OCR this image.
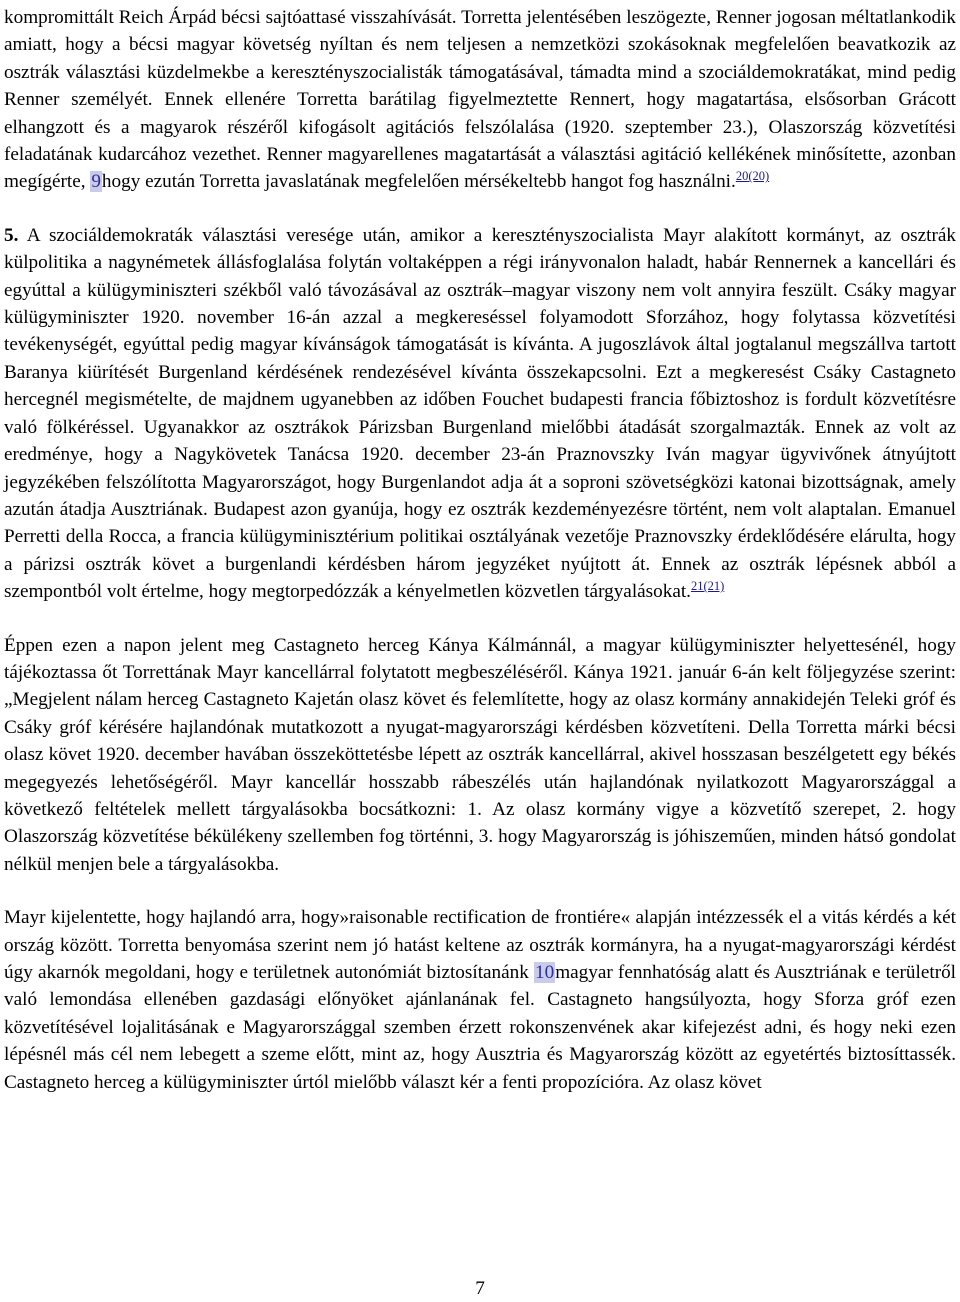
kompromittált Reich Árpád bécsi sajtóattasé visszahívását. Torretta jelentésében leszögezte, Renner jogosan méltatlankodik amiatt, hogy a bécsi magyar követség nyíltan és nem teljesen a nemzetközi szokásoknak megfelelően beavatkozik az osztrák választási küzdelmekbe a keresztényszocialisták támogatásával, támadta mind a szociáldemokratákat, mind pedig Renner személyét. Ennek ellenére Torretta barátilag figyelmeztette Rennert, hogy magatartása, elsősorban Grácott elhangzott és a magyarok részéről kifogásolt agitációs felszólalása (1920. szeptember 23.), Olaszország közvetítési feladatának kudarcához vezethet. Renner magyarellenes magatartását a választási agitáció kellékének minősítette, azonban megígérte, 9hogy ezután Torretta javaslatának megfelelően mérsékeltebb hangot fog használni.$^{20(20)}$

5. A szociáldemokraták választási veresége után, amikor a keresztényszocialista Mayr alakított kormányt, az osztrák külpolitika a nagynémetek állásfoglalása folytán voltaképpen a régi irányvonalon haladt, habár Rennernek a kancellári és egyúttal a külügyminiszteri székből való távozásával az osztrák–magyar viszony nem volt annyira feszült. Csáky magyar külügyminiszter 1920. november 16-án azzal a megkereséssel folyamodott Sforzához, hogy folytassa közvetítési tevékenységét, egyúttal pedig magyar kívánságok támogatását is kívánta. A jugoszlávok által jogtalanul megszállva tartott Baranya kiürítését Burgenland kérdésének rendezésével kívánta összekapcsolni. Ezt a megkeresést Csáky Castagneto hercegnél megismételte, de majdnem ugyanebben az időben Fouchet budapesti francia főbiztoshoz is fordult közvetítésre való fölkéréssel. Ugyanakkor az osztrákok Párizsban Burgenland mielőbbi átadását szorgalmazták. Ennek az volt az eredménye, hogy a Nagykövetek Tanácsa 1920. december 23-án Praznovszky Iván magyar ügyvivőnek átnyújtott jegyzékében felszólította Magyarországot, hogy Burgenlandot adja át a soproni szövetségközi katonai bizottságnak, amely azután átadja Ausztriának. Budapest azon gyanúja, hogy ez osztrák kezdeményezésre történt, nem volt alaptalan. Emanuel Perretti della Rocca, a francia külügyminisztérium politikai osztályának vezetője Praznovszky érdeklődésére elárulta, hogy a párizsi osztrák követ a burgenlandi kérdésben három jegyzéket nyújtott át. Ennek az osztrák lépésnek abból a szempontból volt értelme, hogy megtorpedózzák a kényelmetlen közvetlen tárgyalásokat.$^{21(21)}$

Éppen ezen a napon jelent meg Castagneto herceg Kánya Kálmánnál, a magyar külügyminiszter helyettesénél, hogy tájékoztassa őt Torrettának Mayr kancellárral folytatott megbeszéléséről. Kánya 1921. január 6-án kelt följegyzése szerint: „Megjelent nálam herceg Castagneto Kajetán olasz követ és felemlítette, hogy az olasz kormány annakidején Teleki gróf és Csáky gróf kérésére hajlandónak mutatkozott a nyugat-magyarországi kérdésben közvetíteni. Della Torretta márki bécsi olasz követ 1920. december havában összeköttetésbe lépett az osztrák kancellárral, akivel hosszasan beszélgetett egy békés megegyezés lehetőségéről. Mayr kancellár hosszabb rábeszélés után hajlandónak nyilatkozott Magyarországgal a következő feltételek mellett tárgyalásokba bocsátkozni: 1. Az olasz kormány vigye a közvetítő szerepet, 2. hogy Olaszország közvetítése békülékeny szellemben fog történni, 3. hogy Magyarország is jóhiszeműen, minden hátsó gondolat nélkül menjen bele a tárgyalásokba.

Mayr kijelentette, hogy hajlandó arra, hogy»raisonable rectification de frontiére« alapján intézzessék el a vitás kérdés a két ország között. Torretta benyomása szerint nem jó hatást keltene az osztrák kormányra, ha a nyugat-magyarországi kérdést úgy akarnók megoldani, hogy e területnek autonómiát biztosítanánk 10magyar fennhatóság alatt és Ausztriának e területről való lemondása ellenében gazdasági előnyöket ajánlanának fel. Castagneto hangsúlyozta, hogy Sforza gróf ezen közvetítésével lojalitásának e Magyarországgal szemben érzett rokonszenvének akar kifejezést adni, és hogy neki ezen lépésnél más cél nem lebegett a szeme előtt, mint az, hogy Ausztria és Magyarország között az egyetértés biztosíttassék. Castagneto herceg a külügyminiszter úrtól mielőbb választ kér a fenti propozícióra. Az olasz követ

7
